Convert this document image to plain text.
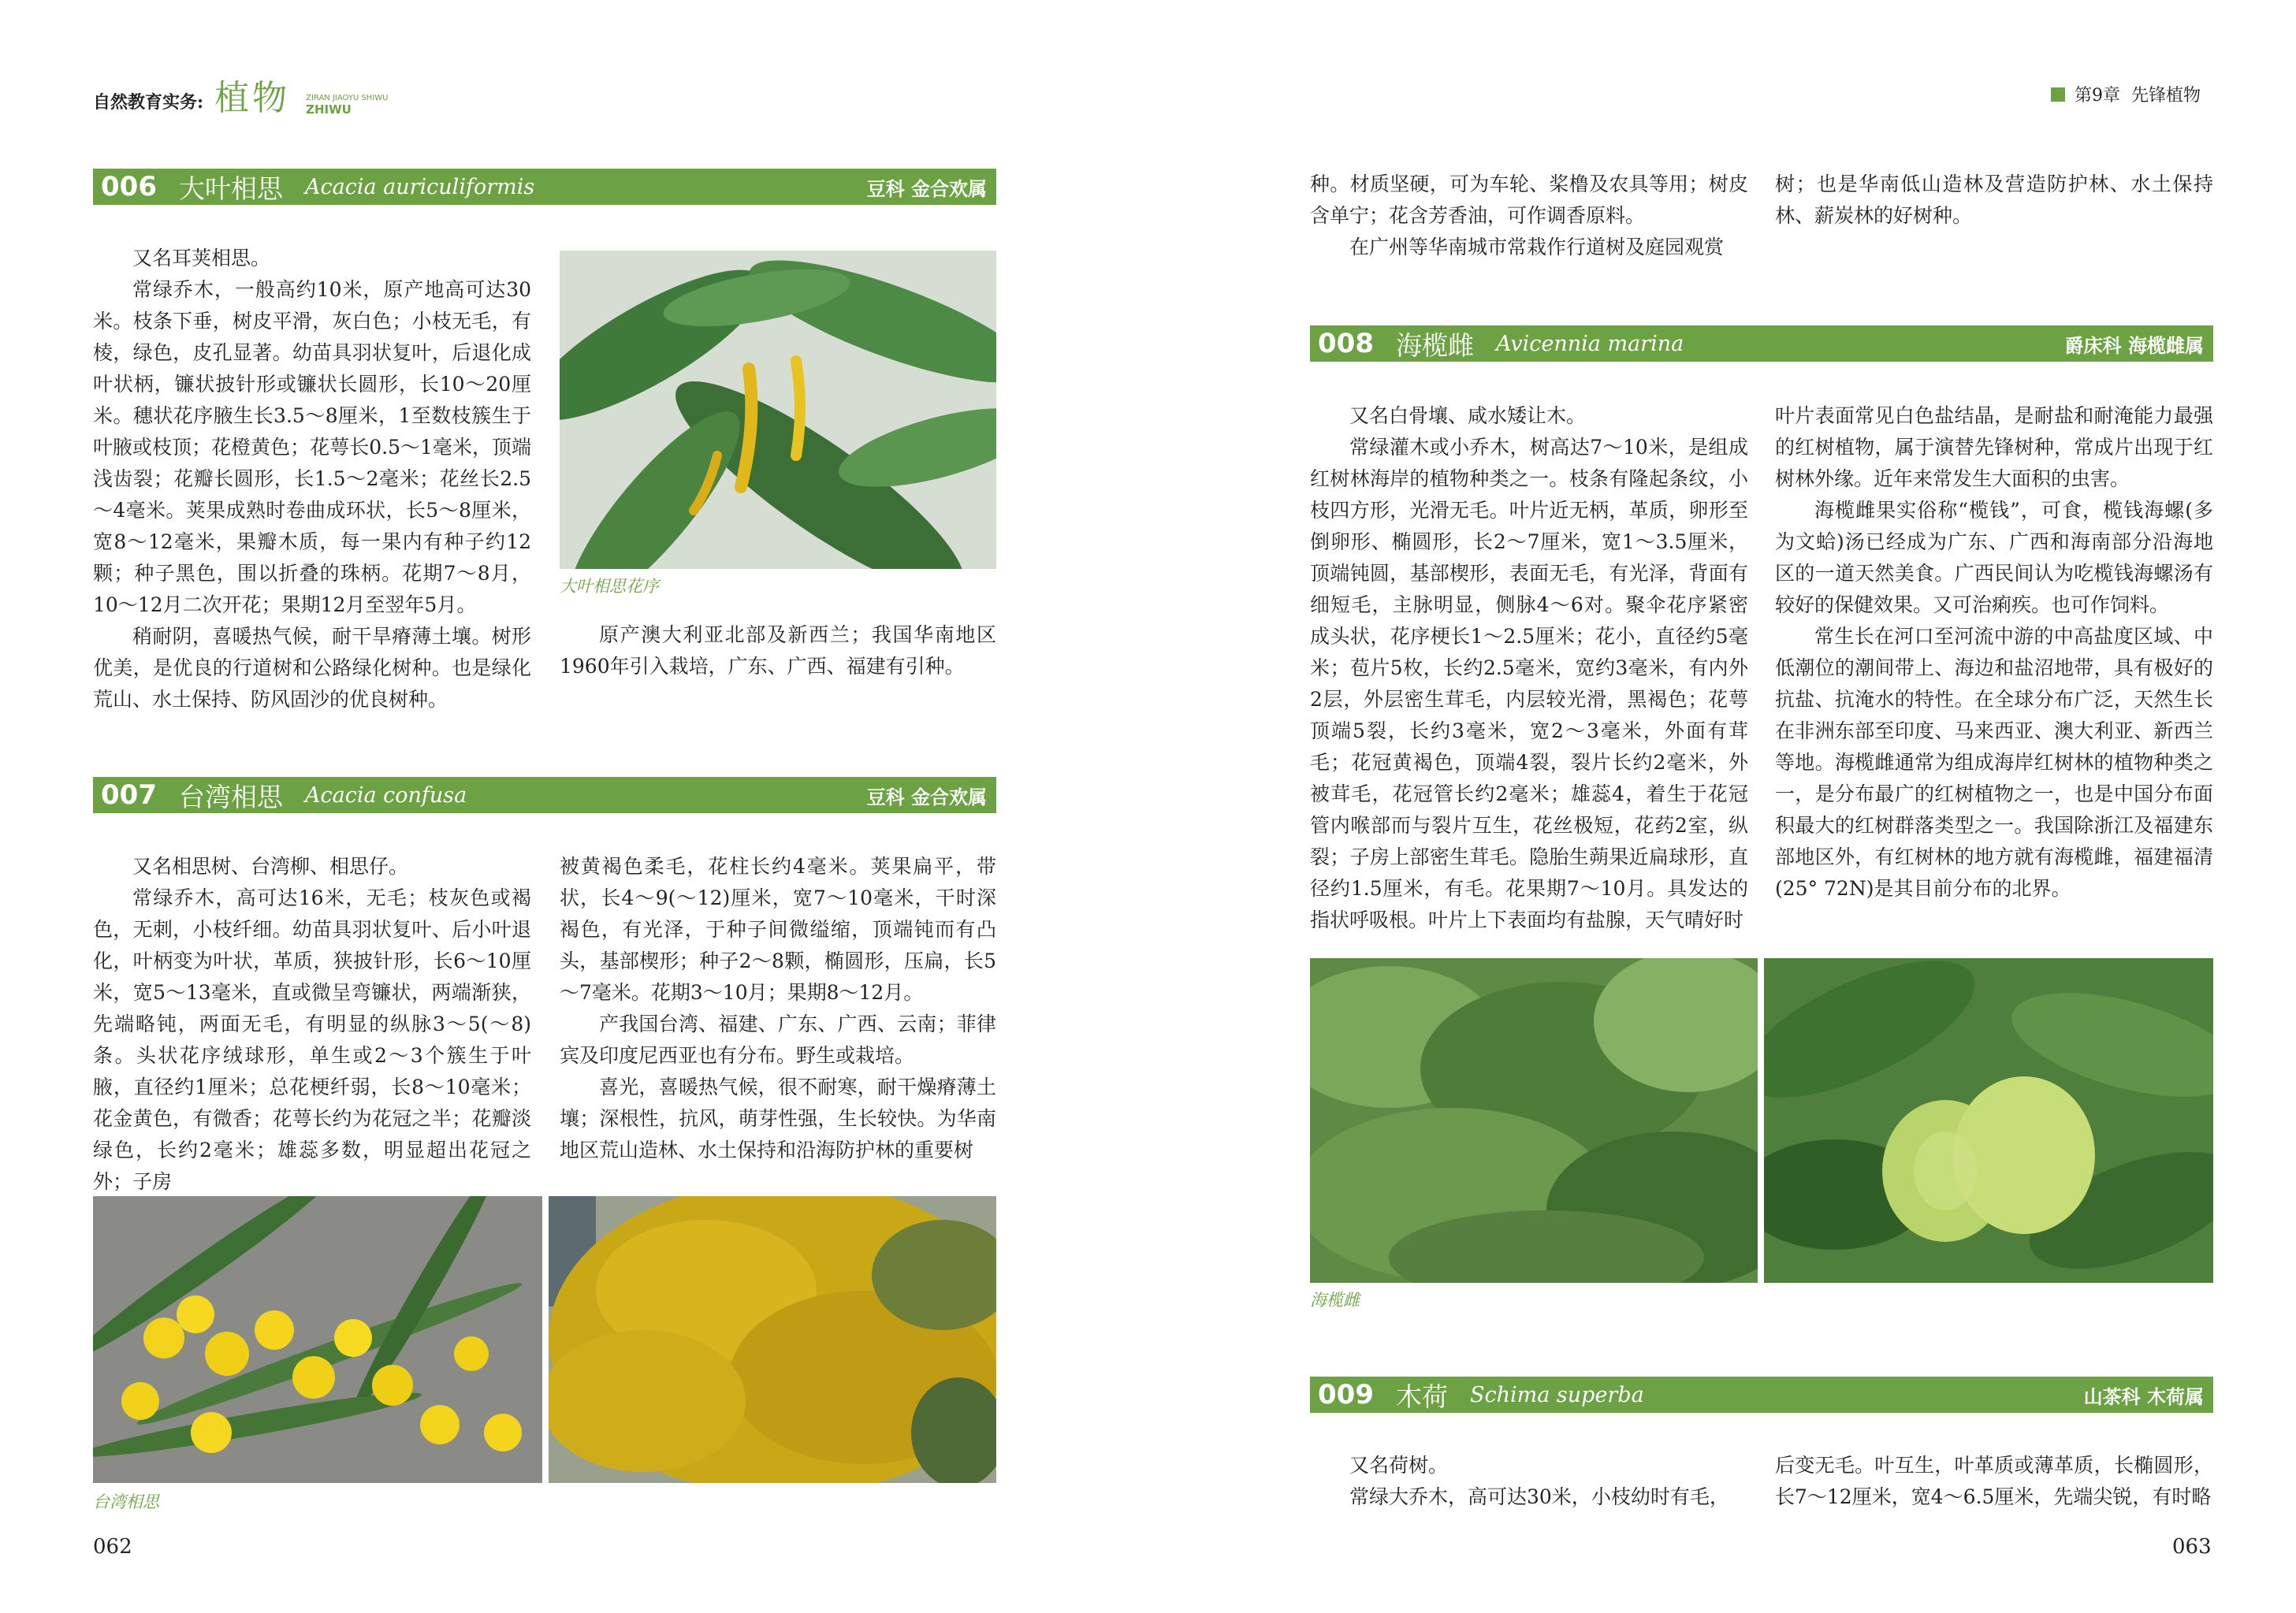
自然教育实务: 植物 ZIRAN JIAOYU SHIWU
ZHIWU
006 大叶相思 Acacia auriculiformis	豆科 金合欢属

又名耳荚相思。

常绿乔木，一般高约10米，原产地高可达30米。枝条下垂，树皮平滑，灰白色；小枝无毛，有棱，绿色，皮孔显著。幼苗具羽状复叶，后退化成叶状柄，镰状披针形或镰状长圆形，长10～20厘米。穗状花序腋生长3.5～8厘米，1至数枝簇生于叶腋或枝顶；花橙黄色；花萼长0.5～1毫米，顶端浅齿裂；花瓣长圆形，长1.5～2毫米；花丝长2.5～4毫米。荚果成熟时卷曲成环状，长5～8厘米，宽8～12毫米，果瓣木质，每一果内有种子约12颗；种子黑色，围以折叠的珠柄。花期7～8月，10～12月二次开花；果期12月至翌年5月。

稍耐阴，喜暖热气候，耐干旱瘠薄土壤。树形优美，是优良的行道树和公路绿化树种。也是绿化荒山、水土保持、防风固沙的优良树种。

大叶相思花序

原产澳大利亚北部及新西兰；我国华南地区1960年引入栽培，广东、广西、福建有引种。

007 台湾相思 Acacia confusa	豆科 金合欢属

又名相思树、台湾柳、相思仔。

常绿乔木，高可达16米，无毛；枝灰色或褐色，无刺，小枝纤细。幼苗具羽状复叶、后小叶退化，叶柄变为叶状，革质，狭披针形，长6～10厘米，宽5～13毫米，直或微呈弯镰状，两端渐狭，先端略钝，两面无毛，有明显的纵脉3～5(～8)条。头状花序绒球形，单生或2～3个簇生于叶腋，直径约1厘米；总花梗纤弱，长8～10毫米；花金黄色，有微香；花萼长约为花冠之半；花瓣淡绿色，长约2毫米；雄蕊多数，明显超出花冠之外；子房

被黄褐色柔毛，花柱长约4毫米。荚果扁平，带状，长4～9(～12)厘米，宽7～10毫米，干时深褐色，有光泽，于种子间微缢缩，顶端钝而有凸头，基部楔形；种子2～8颗，椭圆形，压扁，长5～7毫米。花期3～10月；果期8～12月。

产我国台湾、福建、广东、广西、云南；菲律宾及印度尼西亚也有分布。野生或栽培。

喜光，喜暖热气候，很不耐寒，耐干燥瘠薄土壤；深根性，抗风，萌芽性强，生长较快。为华南地区荒山造林、水土保持和沿海防护林的重要树

台湾相思
062
第9章  先锋植物

种。材质坚硬，可为车轮、桨橹及农具等用；树皮含单宁；花含芳香油，可作调香原料。

在广州等华南城市常栽作行道树及庭园观赏

树；也是华南低山造林及营造防护林、水土保持林、薪炭林的好树种。

008 海榄雌 Avicennia marina	爵床科 海榄雌属

又名白骨壤、咸水矮让木。

常绿灌木或小乔木，树高达7～10米，是组成红树林海岸的植物种类之一。枝条有隆起条纹，小枝四方形，光滑无毛。叶片近无柄，革质，卵形至倒卵形、椭圆形，长2～7厘米，宽1～3.5厘米，顶端钝圆，基部楔形，表面无毛，有光泽，背面有细短毛，主脉明显，侧脉4～6对。聚伞花序紧密成头状，花序梗长1～2.5厘米；花小，直径约5毫米；苞片5枚，长约2.5毫米，宽约3毫米，有内外2层，外层密生茸毛，内层较光滑，黑褐色；花萼顶端5裂，长约3毫米，宽2～3毫米，外面有茸毛；花冠黄褐色，顶端4裂，裂片长约2毫米，外被茸毛，花冠管长约2毫米；雄蕊4，着生于花冠管内喉部而与裂片互生，花丝极短，花药2室，纵裂；子房上部密生茸毛。隐胎生蒴果近扁球形，直径约1.5厘米，有毛。花果期7～10月。具发达的指状呼吸根。叶片上下表面均有盐腺，天气晴好时

叶片表面常见白色盐结晶，是耐盐和耐淹能力最强的红树植物，属于演替先锋树种，常成片出现于红树林外缘。近年来常发生大面积的虫害。

海榄雌果实俗称“榄钱”，可食，榄钱海螺(多为文蛤)汤已经成为广东、广西和海南部分沿海地区的一道天然美食。广西民间认为吃榄钱海螺汤有较好的保健效果。又可治痢疾。也可作饲料。

常生长在河口至河流中游的中高盐度区域、中低潮位的潮间带上、海边和盐沼地带，具有极好的抗盐、抗淹水的特性。在全球分布广泛，天然生长在非洲东部至印度、马来西亚、澳大利亚、新西兰等地。海榄雌通常为组成海岸红树林的植物种类之一，是分布最广的红树植物之一，也是中国分布面积最大的红树群落类型之一。我国除浙江及福建东部地区外，有红树林的地方就有海榄雌，福建福清(25° 72N)是其目前分布的北界。

海榄雌
009 木荷 Schima superba	山茶科 木荷属

又名荷树。

常绿大乔木，高可达30米，小枝幼时有毛，

后变无毛。叶互生，叶革质或薄革质，长椭圆形，长7～12厘米，宽4～6.5厘米，先端尖锐，有时略

063
